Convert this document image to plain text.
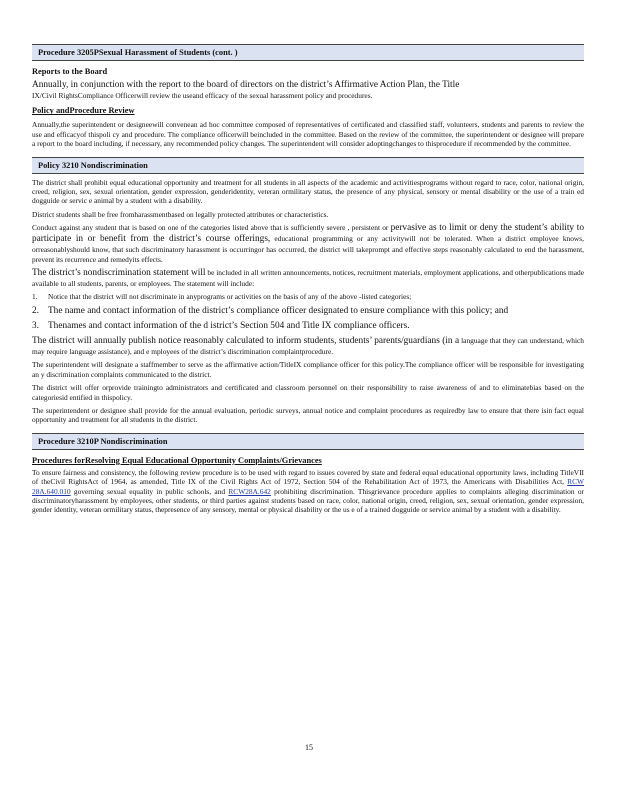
Procedure 3205PSexual Harassment of Students (cont. )
Reports to the Board
Annually, in conjunction with the report to the board of directors on the district’s Affirmative Action Plan, the Title
IX/Civil RightsCompliance Officerwill review the useand efficacy of the sexual harassment policy and procedures.
Policy andProcedure Review
Annually,the superintendent or designeewill convenean ad hoc committee composed of representatives of certificated and classified staff, volunteers, students and parents to review the use and efficacyof thispoli cy and procedure. The compliance officerwill beincluded in the committee. Based on the review of the committee, the superintendent or designee will prepare a report to the board including, if necessary, any recommended policy changes. The superintendent will consider adoptingchanges to thisprocedure if recommended by the committee.
Policy 3210 Nondiscrimination
The district shall prohibit equal educational opportunity and treatment for all students in all aspects of the academic and activitiesprograms without regard to race, color, national origin, creed, religion, sex, sexual orientation, gender expression, genderidentity, veteran ormilitary status, the presence of any physical, sensory or mental disability or the use of a train ed dogguide or servic e animal by a student with a disability.
District students shall be free fromharassmentbased on legally protected attributes or characteristics.
Conduct against any student that is based on one of the categories listed above that is sufficiently severe , persistent or pervasive as to limit or deny the student’s ability to participate in or benefit from the district’s course offerings, educational programming or any activitywill not be tolerated. When a district employee knows, orreasonablyshould know, that such discriminatory harassment is occurringor has occurred, the district will takeprompt and effective steps reasonably calculated to end the harassment, prevent its recurrence and remedyits effects.
The district’s nondiscrimination statement will be included in all written announcements, notices, recruitment materials, employment applications, and otherpublications made available to all students, parents, or employees. The statement will include:
1.	Notice that the district will not discriminate in anyprograms or activities on the basis of any of the above -listed categories;
2. The name and contact information of the district’s compliance officer designated to ensure compliance with this policy; and
3. Thenames and contact information of the d istrict’s Section 504 and Title IX compliance officers.
The district will annually publish notice reasonably calculated to inform students, students’ parents/guardians (in a language that they can understand, which may require language assistance), and e mployees of the district’s discrimination complaintprocedure.
The superintendent will designate a staffmember to serve as the affirmative action/TitleIX compliance officer for this policy.The compliance officer will be responsible for investigating an y discrimination complaints communicated to the district.
The district will offer orprovide trainingto administrators and certificated and classroom personnel on their responsibility to raise awareness of and to eliminatebias based on the categoriesid entified in thispolicy.
The superintendent or designee shall provide for the annual evaluation, periodic surveys, annual notice and complaint procedures as requiredby law to ensure that there isin fact equal opportunity and treatment for all students in the district.
Procedure 3210P Nondiscrimination
Procedures forResolving Equal Educational Opportunity Complaints/Grievances
To ensure fairness and consistency, the following review procedure is to be used with regard to issues covered by state and federal equal educational opportunity laws, including TitleVII of theCivil RightsAct of 1964, as amended, Title IX of the Civil Rights Act of 1972, Section 504 of the Rehabilitation Act of 1973, the Americans with Disabilities Act, RCW 28A.640.010 governing sexual equality in public schools, and RCW28A.642 prohibiting discrimination. Thisgrievance procedure applies to complaints alleging discrimination or discriminatoryharassment by employees, other students, or third parties against students based on race, color, national origin, creed, religion, sex, sexual orientation, gender expression, gender identity, veteran ormilitary status, thepresence of any sensory, mental or physical disability or the us e of a trained dogguide or service animal by a student with a disability.
15
